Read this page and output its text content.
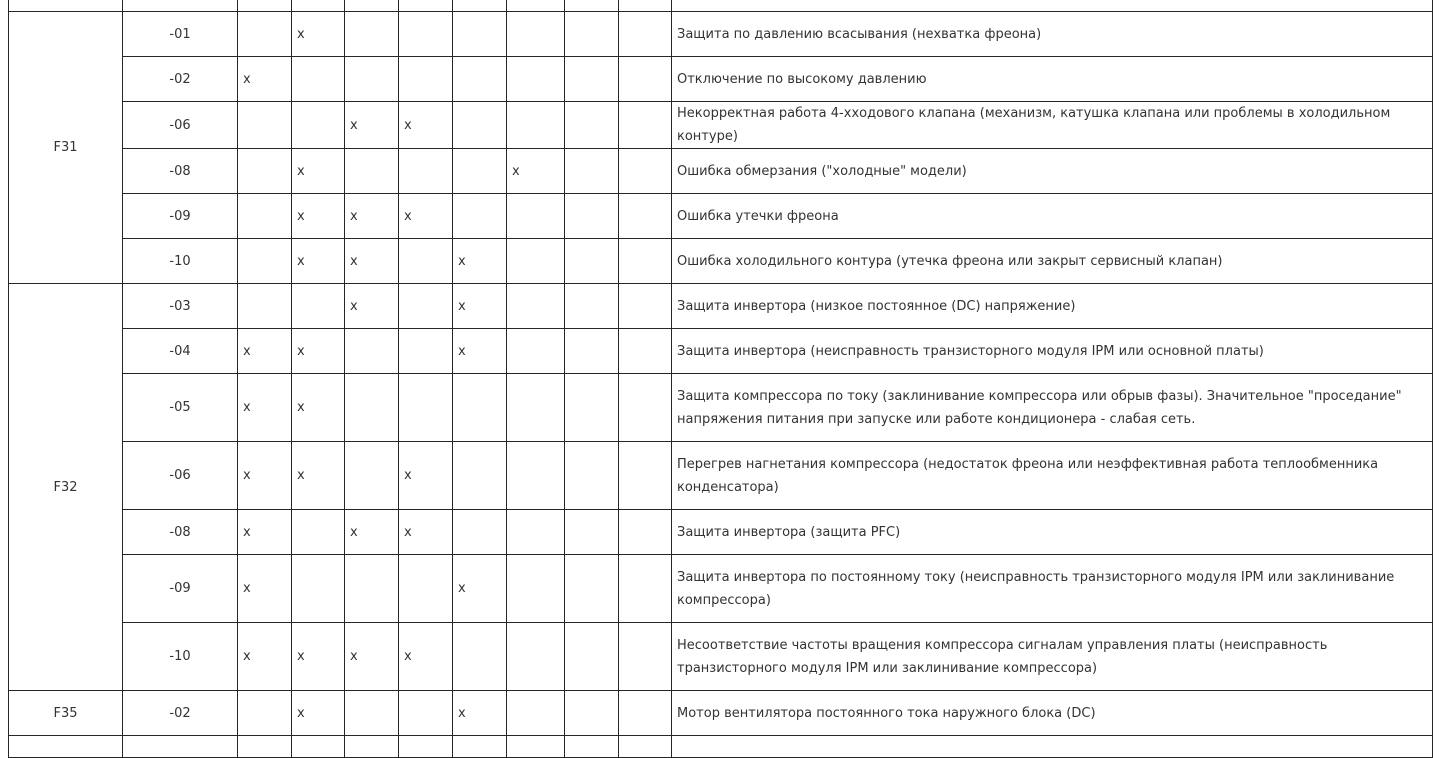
F31	-01		x							Защита по давлению всасывания (нехватка фреона)
	-02	x								Отключение по высокому давлению
	-06			x	x					Некорректная работа 4-хходового клапана (механизм, катушка клапана или проблемы в холодильном контуре)
	-08		x				x			Ошибка обмерзания ("холодные" модели)
	-09		x	x	x					Ошибка утечки фреона
	-10		x	x		x				Ошибка холодильного контура (утечка фреона или закрыт сервисный клапан)
F32	-03			x		x				Защита инвертора (низкое постоянное (DC) напряжение)
	-04	x	x			x				Защита инвертора (неисправность транзисторного модуля IPM или основной платы)
	-05	x	x							Защита компрессора по току (заклинивание компрессора или обрыв фазы). Значительное "проседание" напряжения питания при запуске или работе кондиционера - слабая сеть.
	-06	x	x		x					Перегрев нагнетания компрессора (недостаток фреона или неэффективная работа теплообменника конденсатора)
	-08	x		x	x					Защита инвертора (защита PFC)
	-09	x				x				Защита инвертора по постоянному току (неисправность транзисторного модуля IPM или заклинивание компрессора)
	-10	x	x	x	x					Несоответствие частоты вращения компрессора сигналам управления платы (неисправность транзисторного модуля IPM или заклинивание компрессора)
F35	-02		x			x				Мотор вентилятора постоянного тока наружного блока (DC)
